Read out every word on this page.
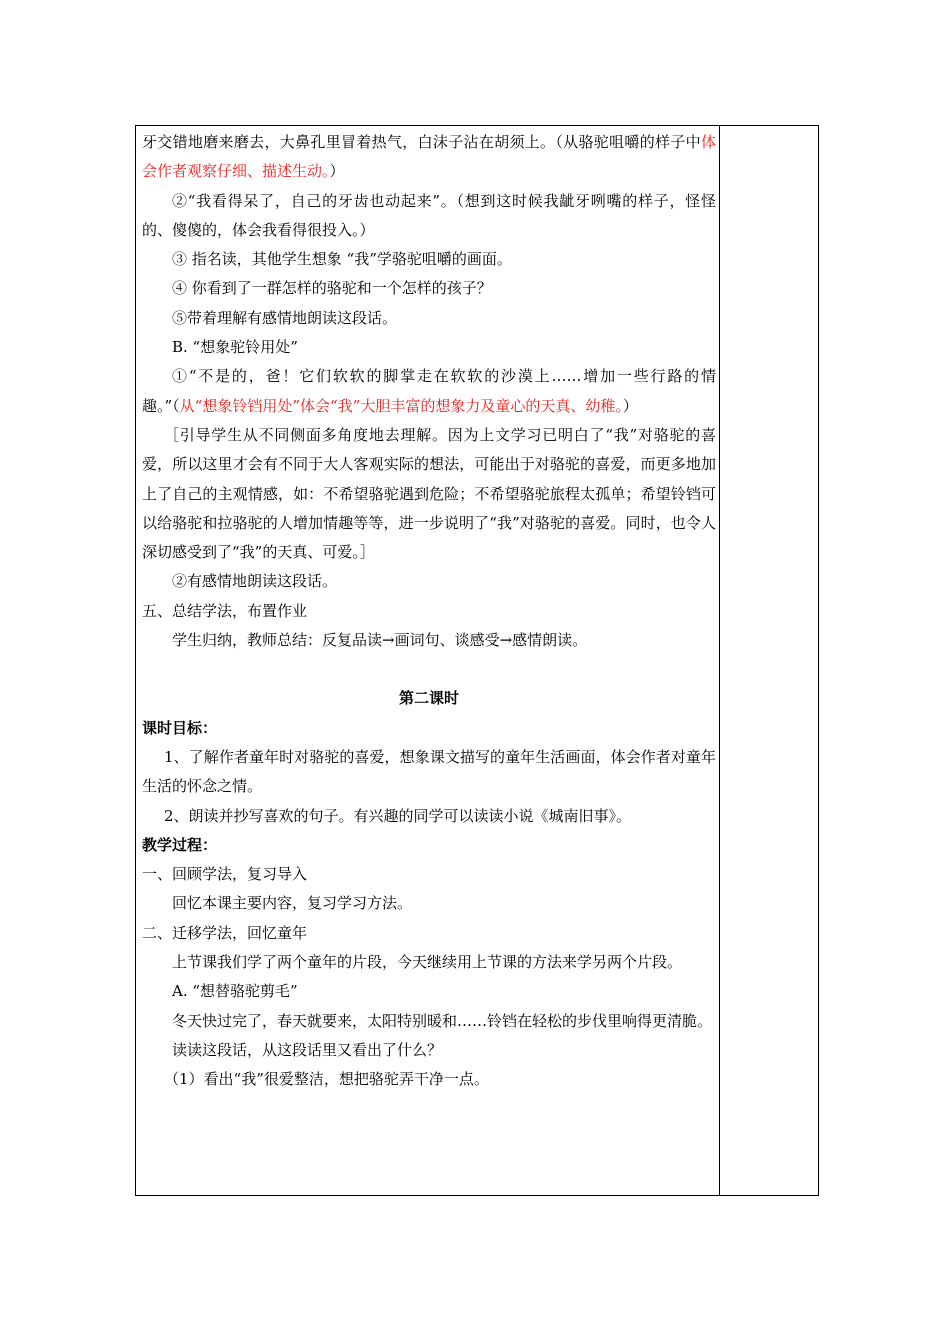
牙交错地磨来磨去，大鼻孔里冒着热气，白沫子沾在胡须上。（从骆驼咀嚼的样子中体会作者观察仔细、描述生动。）

②“我看得呆了，自己的牙齿也动起来”。（想到这时候我龇牙咧嘴的样子，怪怪的、傻傻的，体会我看得很投入。）

③ 指名读，其他学生想象 “我”学骆驼咀嚼的画面。

④ 你看到了一群怎样的骆驼和一个怎样的孩子？

⑤带着理解有感情地朗读这段话。

B. “想象驼铃用处”

①“不是的，爸！它们软软的脚掌走在软软的沙漠上……增加一些行路的情趣。”（从“想象铃铛用处”体会“我”大胆丰富的想象力及童心的天真、幼稚。）

［引导学生从不同侧面多角度地去理解。因为上文学习已明白了“我”对骆驼的喜爱，所以这里才会有不同于大人客观实际的想法，可能出于对骆驼的喜爱，而更多地加上了自己的主观情感，如：不希望骆驼遇到危险；不希望骆驼旅程太孤单；希望铃铛可以给骆驼和拉骆驼的人增加情趣等等，进一步说明了“我”对骆驼的喜爱。同时，也令人深切感受到了“我”的天真、可爱。］

②有感情地朗读这段话。

五、总结学法，布置作业

学生归纳，教师总结：反复品读→画词句、谈感受→感情朗读。

第二课时

课时目标：

1、了解作者童年时对骆驼的喜爱，想象课文描写的童年生活画面，体会作者对童年生活的怀念之情。

2、朗读并抄写喜欢的句子。有兴趣的同学可以读读小说《城南旧事》。

教学过程：

一、回顾学法，复习导入

回忆本课主要内容，复习学习方法。

二、迁移学法，回忆童年

上节课我们学了两个童年的片段，今天继续用上节课的方法来学另两个片段。

A. “想替骆驼剪毛”

冬天快过完了，春天就要来，太阳特别暖和……铃铛在轻松的步伐里响得更清脆。

读读这段话，从这段话里又看出了什么？

（1）看出“我”很爱整洁，想把骆驼弄干净一点。
